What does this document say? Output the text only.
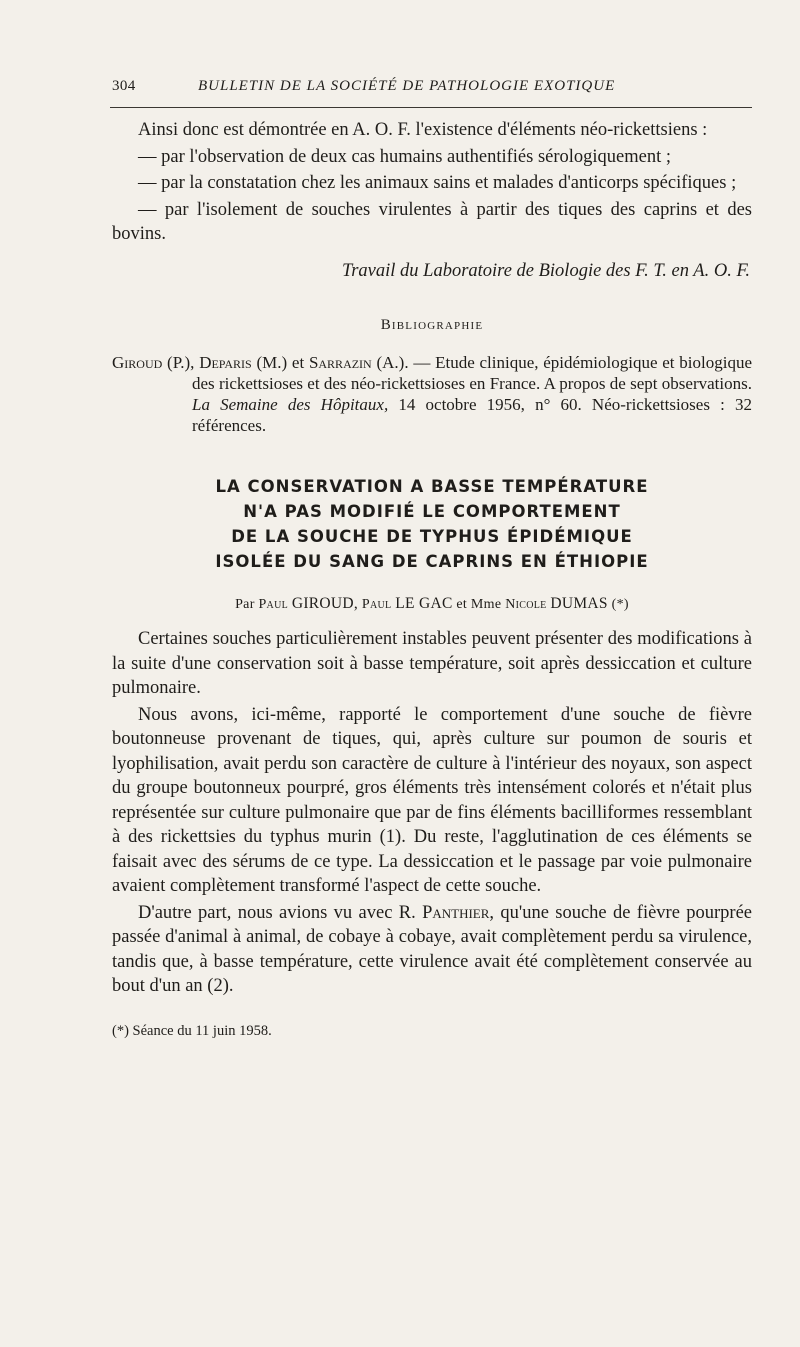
304	BULLETIN DE LA SOCIÉTÉ DE PATHOLOGIE EXOTIQUE

Ainsi donc est démontrée en A. O. F. l'existence d'éléments néo-rickettsiens :

— par l'observation de deux cas humains authentifiés sérologiquement ;

— par la constatation chez les animaux sains et malades d'anticorps spécifiques ;

— par l'isolement de souches virulentes à partir des tiques des caprins et des bovins.

Travail du Laboratoire de Biologie des F. T. en A. O. F.

Bibliographie

Giroud (P.), Deparis (M.) et Sarrazin (A.). — Etude clinique, épidémiologique et biologique des rickettsioses et des néo-rickettsioses en France. A propos de sept observations. La Semaine des Hôpitaux, 14 octobre 1956, n° 60. Néo-rickettsioses : 32 références.

LA CONSERVATION A BASSE TEMPÉRATURE
N'A PAS MODIFIÉ LE COMPORTEMENT
DE LA SOUCHE DE TYPHUS ÉPIDÉMIQUE
ISOLÉE DU SANG DE CAPRINS EN ÉTHIOPIE

Par Paul GIROUD, Paul LE GAC et Mme Nicole DUMAS (*)

Certaines souches particulièrement instables peuvent présenter des modifications à la suite d'une conservation soit à basse température, soit après dessiccation et culture pulmonaire.

Nous avons, ici-même, rapporté le comportement d'une souche de fièvre boutonneuse provenant de tiques, qui, après culture sur poumon de souris et lyophilisation, avait perdu son caractère de culture à l'intérieur des noyaux, son aspect du groupe boutonneux pourpré, gros éléments très intensément colorés et n'était plus représentée sur culture pulmonaire que par de fins éléments bacilliformes ressemblant à des rickettsies du typhus murin (1). Du reste, l'agglutination de ces éléments se faisait avec des sérums de ce type. La dessiccation et le passage par voie pulmonaire avaient complètement transformé l'aspect de cette souche.

D'autre part, nous avions vu avec R. Panthier, qu'une souche de fièvre pourprée passée d'animal à animal, de cobaye à cobaye, avait complètement perdu sa virulence, tandis que, à basse température, cette virulence avait été complètement conservée au bout d'un an (2).

(*) Séance du 11 juin 1958.
